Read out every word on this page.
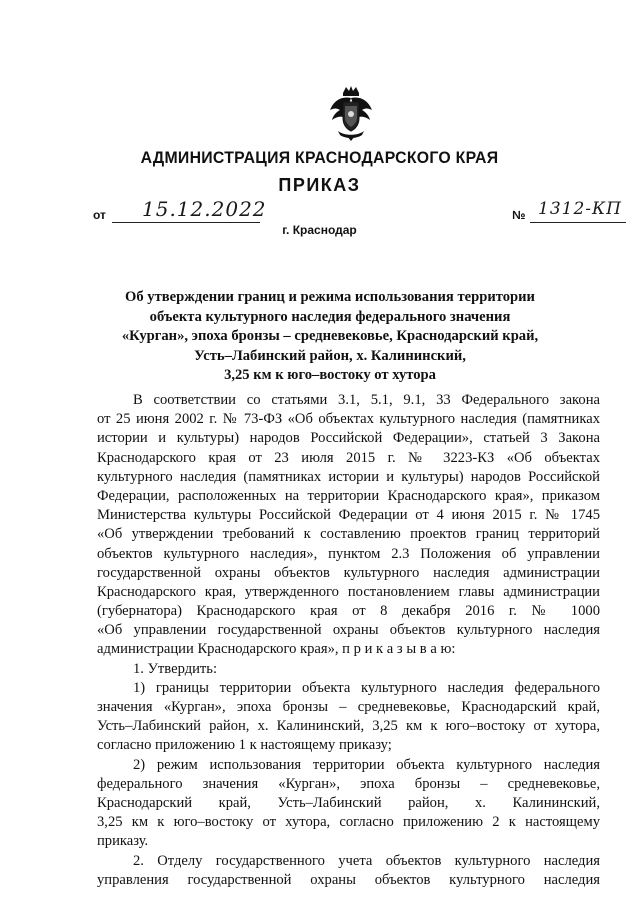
АДМИНИСТРАЦИЯ КРАСНОДАРСКОГО КРАЯ
ПРИКАЗ
от 15.12.2022	№ 1312-КП
г. Краснодар
Об утверждении границ и режима использования территории
объекта культурного наследия федерального значения
«Курган», эпоха бронзы – средневековье, Краснодарский край,
Усть–Лабинский район, х. Калининский,
3,25 км к юго–востоку от хутора
В соответствии со статьями 3.1, 5.1, 9.1, 33 Федерального закона
от 25 июня 2002 г. № 73-ФЗ «Об объектах культурного наследия (памятниках
истории и культуры) народов Российской Федерации», статьей 3 Закона
Краснодарского края от 23 июля 2015 г. № 3223-КЗ «Об объектах
культурного наследия (памятниках истории и культуры) народов Российской
Федерации, расположенных на территории Краснодарского края», приказом
Министерства культуры Российской Федерации от 4 июня 2015 г. № 1745
«Об утверждении требований к составлению проектов границ территорий
объектов культурного наследия», пунктом 2.3 Положения об управлении
государственной охраны объектов культурного наследия администрации
Краснодарского края, утвержденного постановлением главы администрации
(губернатора) Краснодарского края от 8 декабря 2016 г. № 1000
«Об управлении государственной охраны объектов культурного наследия
администрации Краснодарского края», п р и к а з ы в а ю:
1. Утвердить:
1) границы территории объекта культурного наследия федерального
значения «Курган», эпоха бронзы – средневековье, Краснодарский край,
Усть–Лабинский район, х. Калининский, 3,25 км к юго–востоку от хутора,
согласно приложению 1 к настоящему приказу;
2) режим использования территории объекта культурного наследия
федерального значения «Курган», эпоха бронзы – средневековье,
Краснодарский край, Усть–Лабинский район, х. Калининский,
3,25 км к юго–востоку от хутора, согласно приложению 2 к настоящему
приказу.
2. Отделу государственного учета объектов культурного наследия
управления государственной охраны объектов культурного наследия
